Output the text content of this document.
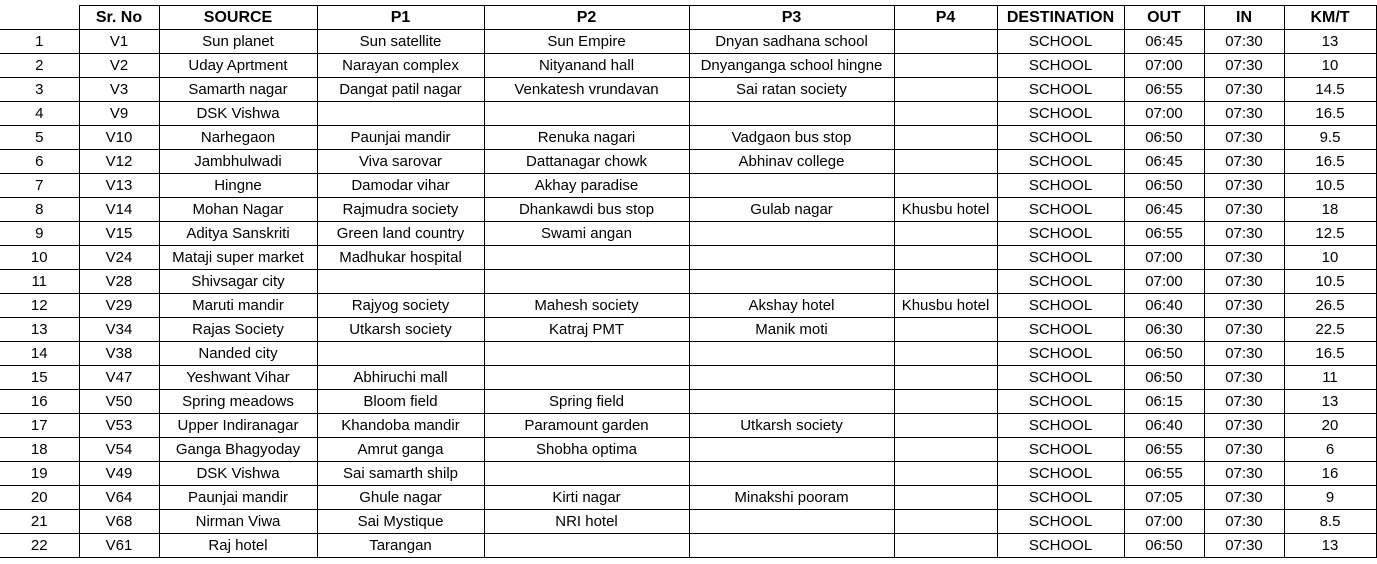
	Sr. No	SOURCE	P1	P2	P3	P4	DESTINATION	OUT	IN	KM/T
1	V1	Sun planet	Sun satellite	Sun Empire	Dnyan sadhana school		SCHOOL	06:45	07:30	13
2	V2	Uday Aprtment	Narayan complex	Nityanand hall	Dnyanganga school hingne		SCHOOL	07:00	07:30	10
3	V3	Samarth nagar	Dangat patil nagar	Venkatesh vrundavan	Sai ratan society		SCHOOL	06:55	07:30	14.5
4	V9	DSK Vishwa					SCHOOL	07:00	07:30	16.5
5	V10	Narhegaon	Paunjai mandir	Renuka nagari	Vadgaon bus stop		SCHOOL	06:50	07:30	9.5
6	V12	Jambhulwadi	Viva sarovar	Dattanagar chowk	Abhinav college		SCHOOL	06:45	07:30	16.5
7	V13	Hingne	Damodar vihar	Akhay paradise			SCHOOL	06:50	07:30	10.5
8	V14	Mohan Nagar	Rajmudra society	Dhankawdi bus stop	Gulab nagar	Khusbu hotel	SCHOOL	06:45	07:30	18
9	V15	Aditya Sanskriti	Green land country	Swami angan			SCHOOL	06:55	07:30	12.5
10	V24	Mataji super market	Madhukar hospital				SCHOOL	07:00	07:30	10
11	V28	Shivsagar city					SCHOOL	07:00	07:30	10.5
12	V29	Maruti mandir	Rajyog society	Mahesh society	Akshay hotel	Khusbu hotel	SCHOOL	06:40	07:30	26.5
13	V34	Rajas Society	Utkarsh society	Katraj PMT	Manik moti		SCHOOL	06:30	07:30	22.5
14	V38	Nanded city					SCHOOL	06:50	07:30	16.5
15	V47	Yeshwant Vihar	Abhiruchi mall				SCHOOL	06:50	07:30	11
16	V50	Spring meadows	Bloom field	Spring field			SCHOOL	06:15	07:30	13
17	V53	Upper Indiranagar	Khandoba mandir	Paramount garden	Utkarsh society		SCHOOL	06:40	07:30	20
18	V54	Ganga Bhagyoday	Amrut ganga	Shobha optima			SCHOOL	06:55	07:30	6
19	V49	DSK Vishwa	Sai samarth shilp				SCHOOL	06:55	07:30	16
20	V64	Paunjai mandir	Ghule nagar	Kirti nagar	Minakshi pooram		SCHOOL	07:05	07:30	9
21	V68	Nirman Viwa	Sai Mystique	NRI hotel			SCHOOL	07:00	07:30	8.5
22	V61	Raj hotel	Tarangan				SCHOOL	06:50	07:30	13
